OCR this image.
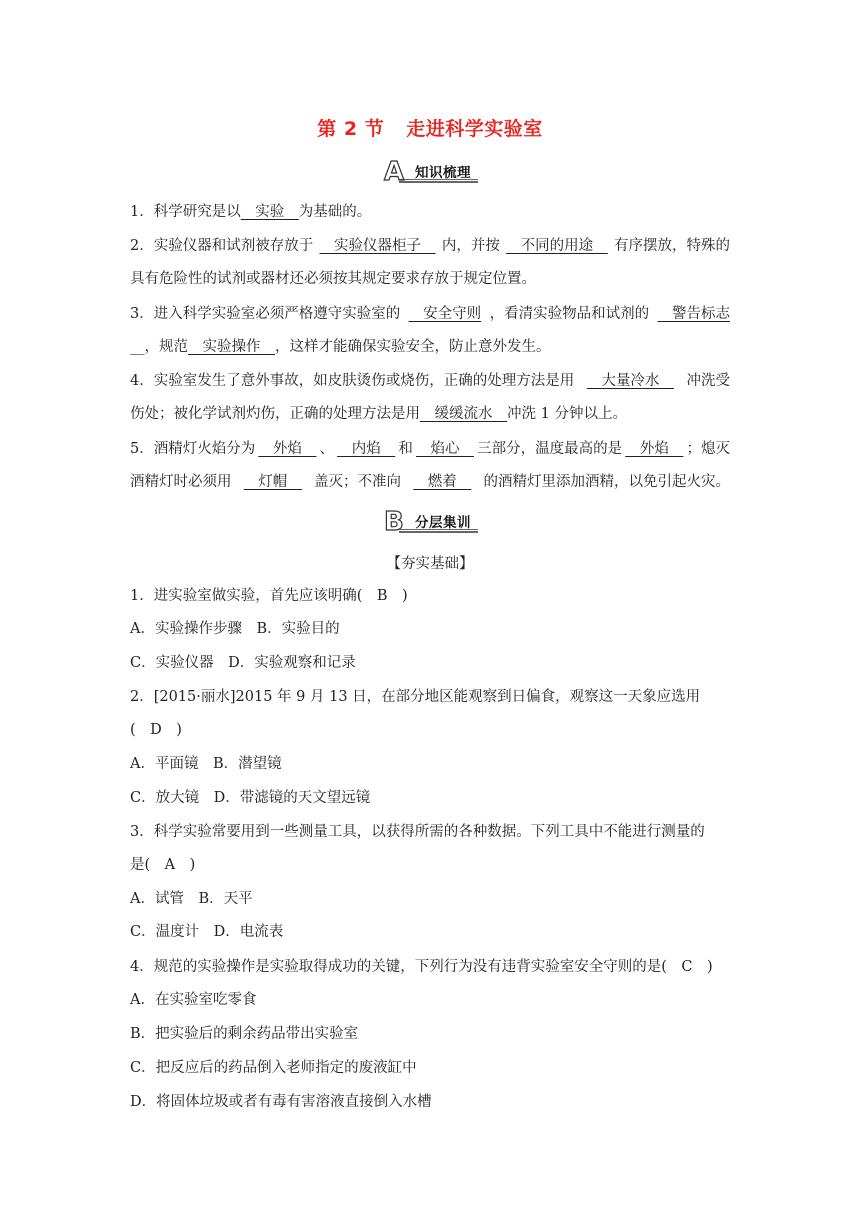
第 2 节 走进科学实验室
A 知识梳理
1．科学研究是以__实验__为基础的。
2．实验仪器和试剂被存放于 __实验仪器柜子__ 内，并按 __不同的用途__ 有序摆放，特殊的
具有危险性的试剂或器材还必须按其规定要求存放于规定位置。
3．进入科学实验室必须严格遵守实验室的 __安全守则 ，看清实验物品和试剂的 __警告标志
__，规范__实验操作__，这样才能确保实验安全，防止意外发生。
4．实验室发生了意外事故，如皮肤烫伤或烧伤，正确的处理方法是用 __大量冷水__ 冲洗受
伤处；被化学试剂灼伤，正确的处理方法是用__缓缓流水__冲洗 1 分钟以上。
5．酒精灯火焰分为 __外焰__ 、 __内焰__ 和 __焰心__ 三部分，温度最高的是 __外焰__ ；熄灭
酒精灯时必须用 __灯帽__ 盖灭；不准向 __燃着__ 的酒精灯里添加酒精，以免引起火灾。
B 分层集训
【夯实基础】
1．进实验室做实验，首先应该明确(　B　)
A．实验操作步骤　B．实验目的
C．实验仪器　D．实验观察和记录
2．[2015·丽水]2015 年 9 月 13 日，在部分地区能观察到日偏食，观察这一天象应选用
(　D　)
A．平面镜　B．潜望镜
C．放大镜　D．带滤镜的天文望远镜
3．科学实验常要用到一些测量工具，以获得所需的各种数据。下列工具中不能进行测量的
是(　A　)
A．试管　B．天平
C．温度计　D．电流表
4．规范的实验操作是实验取得成功的关键，下列行为没有违背实验室安全守则的是(　C　)
A．在实验室吃零食
B．把实验后的剩余药品带出实验室
C．把反应后的药品倒入老师指定的废液缸中
D．将固体垃圾或者有毒有害溶液直接倒入水槽
